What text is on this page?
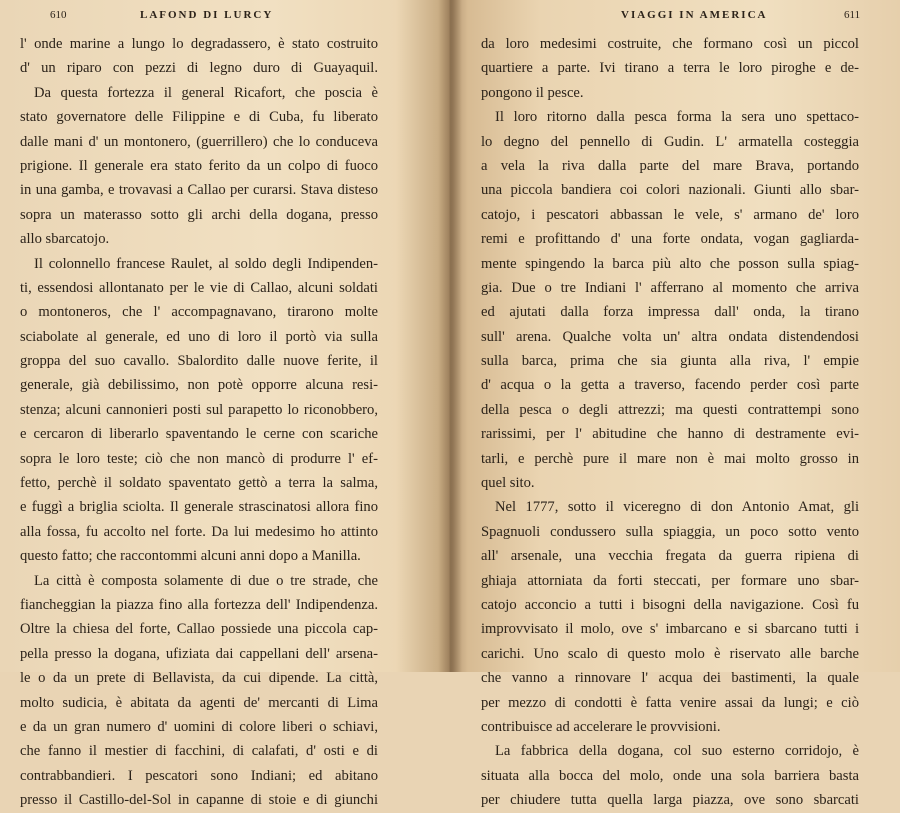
610	LAFOND DI LURCY
l' onde marine a lungo lo degradassero, è stato costruito
d' un riparo con pezzi di legno duro di Guayaquil.
Da questa fortezza il general Ricafort, che poscia è
stato governatore delle Filippine e di Cuba, fu liberato
dalle mani d' un montonero, (guerrillero) che lo conduceva
prigione. Il generale era stato ferito da un colpo di fuoco
in una gamba, e trovavasi a Callao per curarsi. Stava disteso
sopra un materasso sotto gli archi della dogana, presso
allo sbarcatojo.
Il colonnello francese Raulet, al soldo degli Indipenden-
ti, essendosi allontanato per le vie di Callao, alcuni soldati
o montoneros, che l' accompagnavano, tirarono molte
sciabolate al generale, ed uno di loro il portò via sulla
groppa del suo cavallo. Sbalordito dalle nuove ferite, il
generale, già debilissimo, non potè opporre alcuna resi-
stenza; alcuni cannonieri posti sul parapetto lo riconobbero,
e cercaron di liberarlo spaventando le cerne con scariche
sopra le loro teste; ciò che non mancò di produrre l' ef-
fetto, perchè il soldato spaventato gettò a terra la salma,
e fuggì a briglia sciolta. Il generale strascinatosi allora fino
alla fossa, fu accolto nel forte. Da lui medesimo ho attinto
questo fatto; che raccontommi alcuni anni dopo a Manilla.
La città è composta solamente di due o tre strade, che
fiancheggian la piazza fino alla fortezza dell' Indipendenza.
Oltre la chiesa del forte, Callao possiede una piccola cap-
pella presso la dogana, ufiziata dai cappellani dell' arsena-
le o da un prete di Bellavista, da cui dipende. La città,
molto sudicia, è abitata da agenti de' mercanti di Lima
e da un gran numero d' uomini di colore liberi o schiavi,
che fanno il mestier di facchini, di calafati, d' osti e di
contrabbandieri. I pescatori sono Indiani; ed abitano
presso il Castillo-del-Sol in capanne di stoie e di giunchi
VIAGGI IN AMERICA	611
da loro medesimi costruite, che formano così un piccol
quartiere a parte. Ivi tirano a terra le loro piroghe e de-
pongono il pesce.
Il loro ritorno dalla pesca forma la sera uno spettaco-
lo degno del pennello di Gudin. L' armatella costeggia
a vela la riva dalla parte del mare Brava, portando
una piccola bandiera coi colori nazionali. Giunti allo sbar-
catojo, i pescatori abbassan le vele, s' armano de' loro
remi e profittando d' una forte ondata, vogan gagliarda-
mente spingendo la barca più alto che posson sulla spiag-
gia. Due o tre Indiani l' afferrano al momento che arriva
ed ajutati dalla forza impressa dall' onda, la tirano
sull' arena. Qualche volta un' altra ondata distendendosi
sulla barca, prima che sia giunta alla riva, l' empie
d' acqua o la getta a traverso, facendo perder così parte
della pesca o degli attrezzi; ma questi contrattempi sono
rarissimi, per l' abitudine che hanno di destramente evi-
tarli, e perchè pure il mare non è mai molto grosso in
quel sito.
Nel 1777, sotto il viceregno di don Antonio Amat, gli
Spagnuoli condussero sulla spiaggia, un poco sotto vento
all' arsenale, una vecchia fregata da guerra ripiena di
ghiaja attorniata da forti steccati, per formare uno sbar-
catojo acconcio a tutti i bisogni della navigazione. Così fu
improvvisato il molo, ove s' imbarcano e si sbarcano tutti i
carichi. Uno scalo di questo molo è riservato alle barche
che vanno a rinnovare l' acqua dei bastimenti, la quale
per mezzo di condotti è fatta venire assai da lungi; e ciò
contribuisce ad accelerare le provvisioni.
La fabbrica della dogana, col suo esterno corridojo, è
situata alla bocca del molo, onde una sola barriera basta
per chiudere tutta quella larga piazza, ove sono sbarcati
